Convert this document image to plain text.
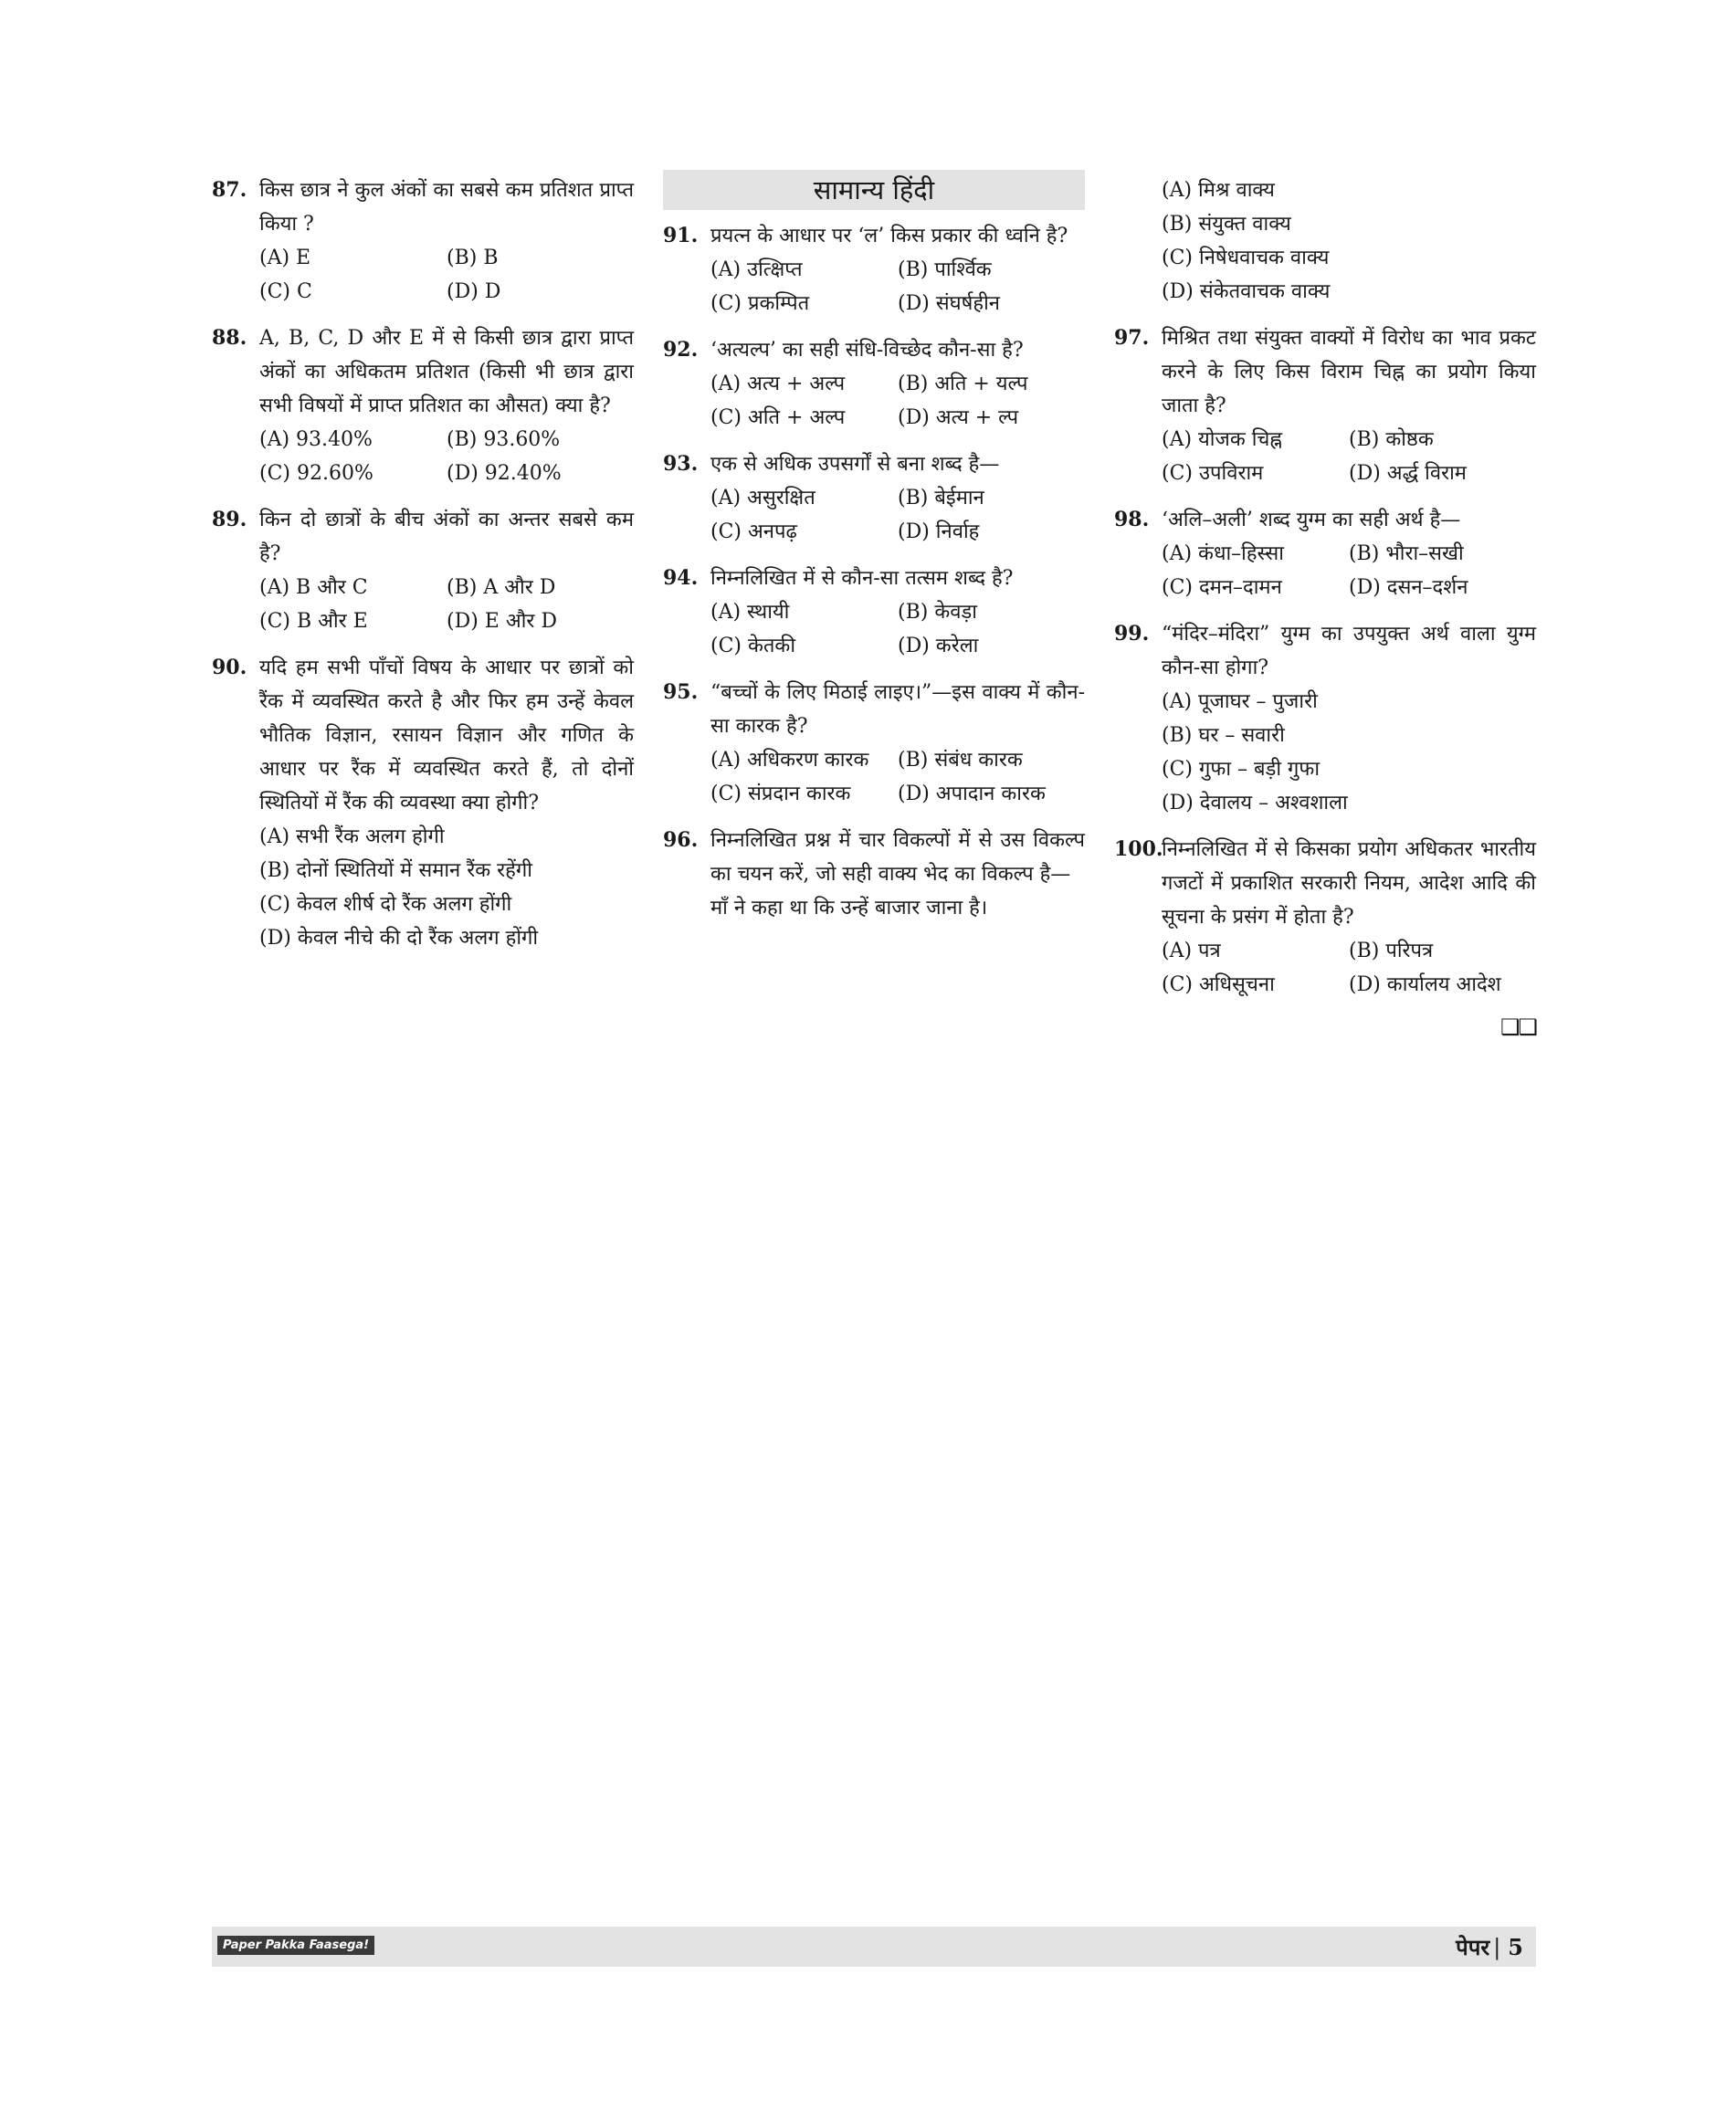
87. किस छात्र ने कुल अंकों का सबसे कम प्रतिशत प्राप्त किया ?
(A) E	(B) B
(C) C	(D) D
88. A, B, C, D और E में से किसी छात्र द्वारा प्राप्त अंकों का अधिकतम प्रतिशत (किसी भी छात्र द्वारा सभी विषयों में प्राप्त प्रतिशत का औसत) क्या है?
(A) 93.40%	(B) 93.60%
(C) 92.60%	(D) 92.40%
89. किन दो छात्रों के बीच अंकों का अन्तर सबसे कम है?
(A) B और C	(B) A और D
(C) B और E	(D) E और D
90. यदि हम सभी पाँचों विषय के आधार पर छात्रों को रैंक में व्यवस्थित करते है और फिर हम उन्हें केवल भौतिक विज्ञान, रसायन विज्ञान और गणित के आधार पर रैंक में व्यवस्थित करते हैं, तो दोनों स्थितियों में रैंक की व्यवस्था क्या होगी?
(A) सभी रैंक अलग होगी
(B) दोनों स्थितियों में समान रैंक रहेंगी
(C) केवल शीर्ष दो रैंक अलग होंगी
(D) केवल नीचे की दो रैंक अलग होंगी
सामान्य हिंदी
91. प्रयत्न के आधार पर ‘ल’ किस प्रकार की ध्वनि है?
(A) उत्क्षिप्त	(B) पार्श्विक
(C) प्रकम्पित	(D) संघर्षहीन
92. ‘अत्यल्प’ का सही संधि-विच्छेद कौन-सा है?
(A) अत्य + अल्प	(B) अति + यल्प
(C) अति + अल्प	(D) अत्य + ल्प
93. एक से अधिक उपसर्गों से बना शब्द है—
(A) असुरक्षित	(B) बेईमान
(C) अनपढ़	(D) निर्वाह
94. निम्नलिखित में से कौन-सा तत्सम शब्द है?
(A) स्थायी	(B) केवड़ा
(C) केतकी	(D) करेला
95. “बच्चों के लिए मिठाई लाइए।”—इस वाक्य में कौन-सा कारक है?
(A) अधिकरण कारक	(B) संबंध कारक
(C) संप्रदान कारक	(D) अपादान कारक
96. निम्नलिखित प्रश्न में चार विकल्पों में से उस विकल्प का चयन करें, जो सही वाक्य भेद का विकल्प है—
माँ ने कहा था कि उन्हें बाजार जाना है।
(A) मिश्र वाक्य
(B) संयुक्त वाक्य
(C) निषेधवाचक वाक्य
(D) संकेतवाचक वाक्य
97. मिश्रित तथा संयुक्त वाक्यों में विरोध का भाव प्रकट करने के लिए किस विराम चिह्न का प्रयोग किया जाता है?
(A) योजक चिह्न	(B) कोष्ठक
(C) उपविराम	(D) अर्द्ध विराम
98. ‘अलि–अली’ शब्द युग्म का सही अर्थ है—
(A) कंधा–हिस्सा	(B) भौरा–सखी
(C) दमन–दामन	(D) दसन–दर्शन
99. “मंदिर–मंदिरा” युग्म का उपयुक्त अर्थ वाला युग्म कौन-सा होगा?
(A) पूजाघर – पुजारी
(B) घर – सवारी
(C) गुफा – बड़ी गुफा
(D) देवालय – अश्वशाला
100.
निम्नलिखित में से किसका प्रयोग अधिकतर भारतीय गजटों में प्रकाशित सरकारी नियम, आदेश आदि की सूचना के प्रसंग में होता है?
(A) पत्र	(B) परिपत्र
(C) अधिसूचना	(D) कार्यालय आदेश
❑❑
Paper Pakka Faasega!	पेपर | 5
